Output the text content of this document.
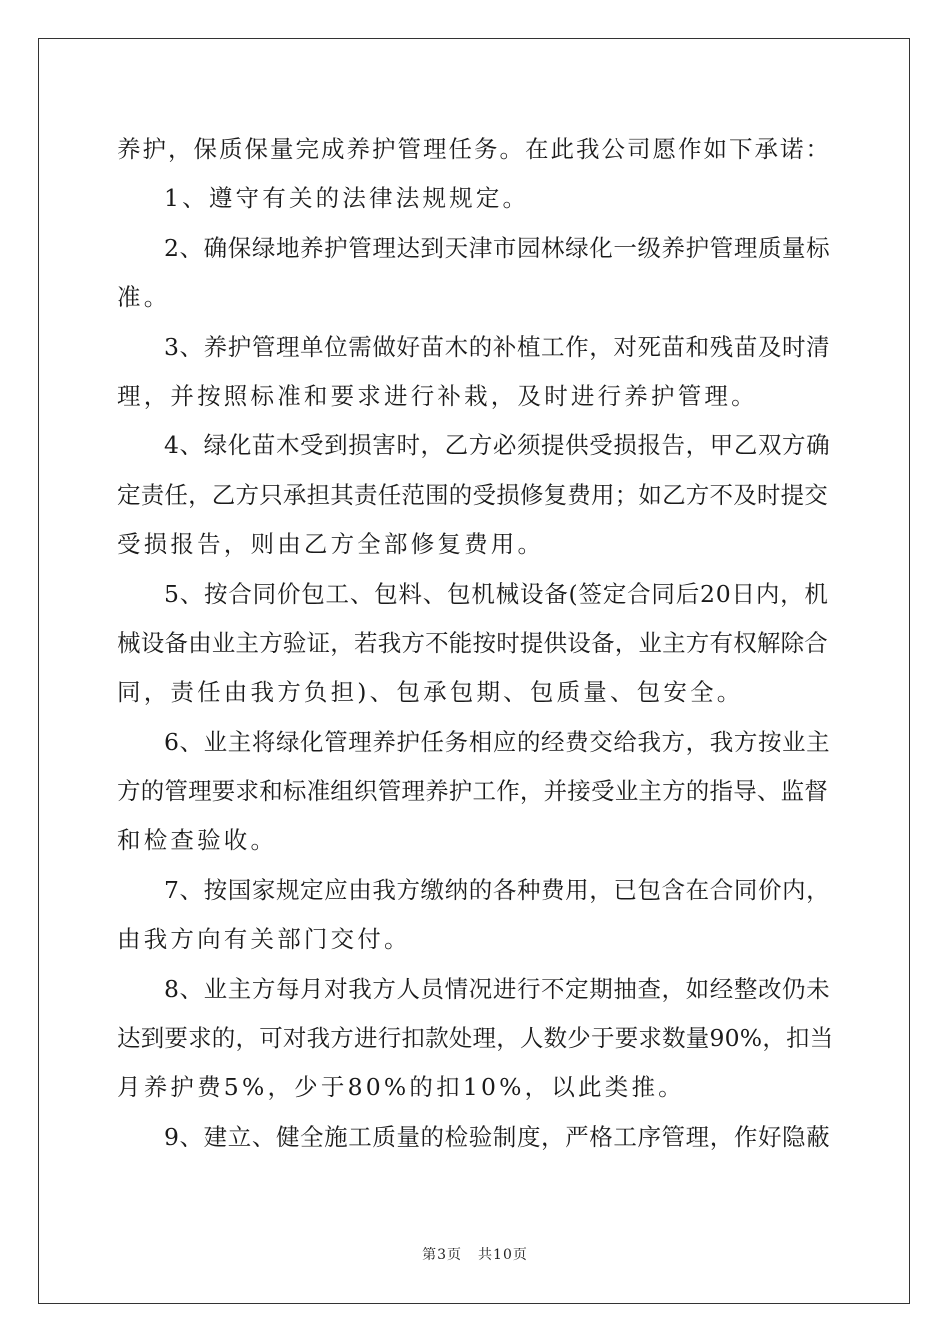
养护，保质保量完成养护管理任务。在此我公司愿作如下承诺：
1、遵守有关的法律法规规定。
2、确保绿地养护管理达到天津市园林绿化一级养护管理质量标
准。
3、养护管理单位需做好苗木的补植工作，对死苗和残苗及时清
理，并按照标准和要求进行补栽，及时进行养护管理。
4、绿化苗木受到损害时，乙方必须提供受损报告，甲乙双方确
定责任，乙方只承担其责任范围的受损修复费用；如乙方不及时提交
受损报告，则由乙方全部修复费用。
5、按合同价包工、包料、包机械设备(签定合同后20日内，机
械设备由业主方验证，若我方不能按时提供设备，业主方有权解除合
同，责任由我方负担)、包承包期、包质量、包安全。
6、业主将绿化管理养护任务相应的经费交给我方，我方按业主
方的管理要求和标准组织管理养护工作，并接受业主方的指导、监督
和检查验收。
7、按国家规定应由我方缴纳的各种费用，已包含在合同价内，
由我方向有关部门交付。
8、业主方每月对我方人员情况进行不定期抽查，如经整改仍未
达到要求的，可对我方进行扣款处理，人数少于要求数量90%，扣当
月养护费5%，少于80%的扣10%，以此类推。
9、建立、健全施工质量的检验制度，严格工序管理，作好隐蔽
第3页 共10页
